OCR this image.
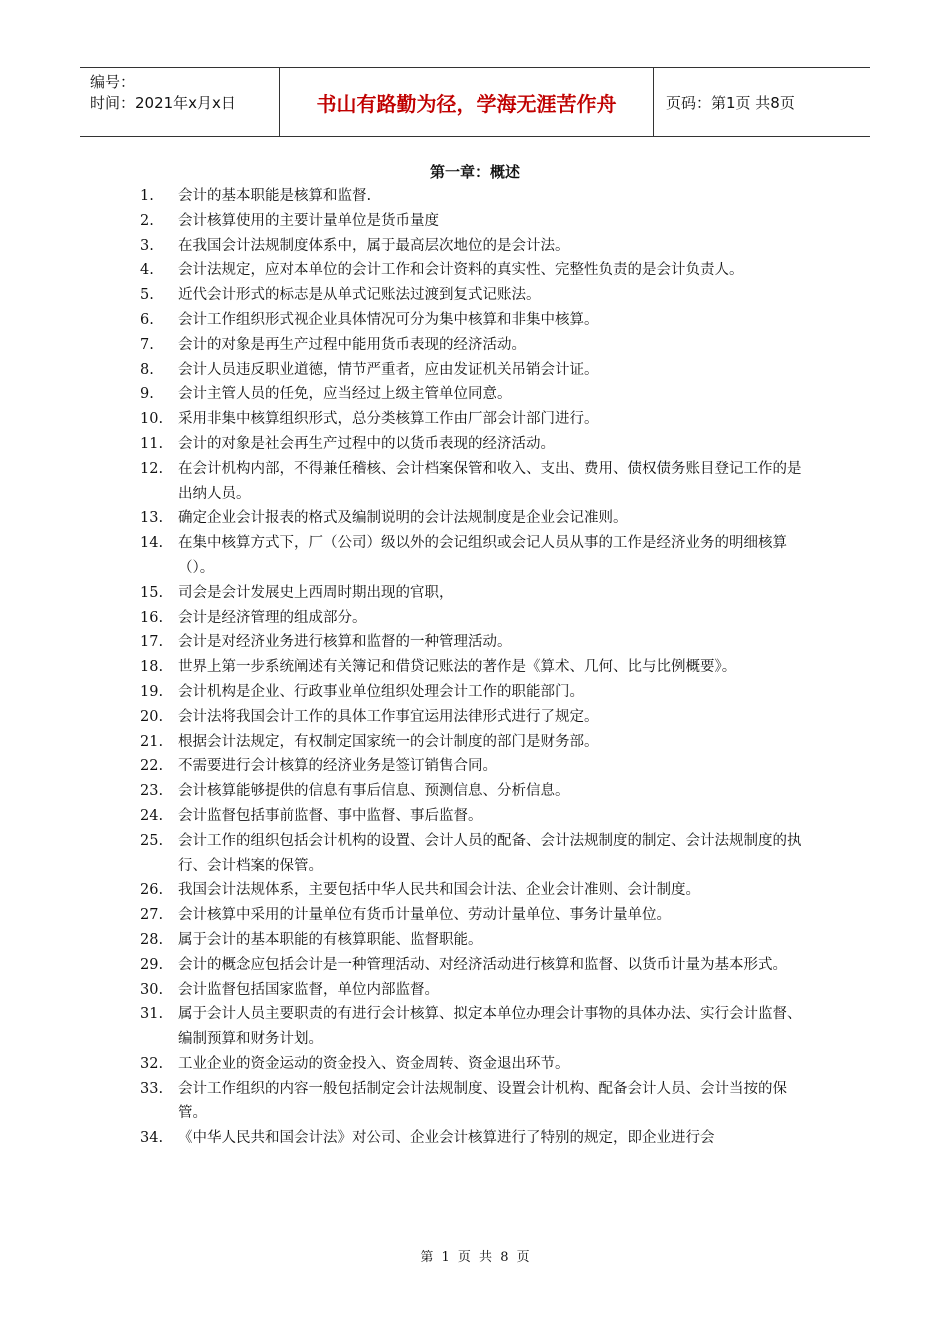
编号：
时间：2021年x月x日	书山有路勤为径，学海无涯苦作舟	页码：第1页 共8页
第一章：概述
1.	会计的基本职能是核算和监督.
2.	会计核算使用的主要计量单位是货币量度
3.	在我国会计法规制度体系中，属于最高层次地位的是会计法。
4.	会计法规定，应对本单位的会计工作和会计资料的真实性、完整性负责的是会计负责人。
5.	近代会计形式的标志是从单式记账法过渡到复式记账法。
6.	会计工作组织形式视企业具体情况可分为集中核算和非集中核算。
7.	会计的对象是再生产过程中能用货币表现的经济活动。
8.	会计人员违反职业道德，情节严重者，应由发证机关吊销会计证。
9.	会计主管人员的任免，应当经过上级主管单位同意。
10.	采用非集中核算组织形式，总分类核算工作由厂部会计部门进行。
11.	会计的对象是社会再生产过程中的以货币表现的经济活动。
12.	在会计机构内部，不得兼任稽核、会计档案保管和收入、支出、费用、债权债务账目登记工作的是出纳人员。
13.	确定企业会计报表的格式及编制说明的会计法规制度是企业会记准则。
14.	在集中核算方式下，厂（公司）级以外的会记组织或会记人员从事的工作是经济业务的明细核算（）。
15.	司会是会计发展史上西周时期出现的官职，
16.	会计是经济管理的组成部分。
17.	会计是对经济业务进行核算和监督的一种管理活动。
18.	世界上第一步系统阐述有关簿记和借贷记账法的著作是《算术、几何、比与比例概要》。
19.	会计机构是企业、行政事业单位组织处理会计工作的职能部门。
20.	会计法将我国会计工作的具体工作事宜运用法律形式进行了规定。
21.	根据会计法规定，有权制定国家统一的会计制度的部门是财务部。
22.	不需要进行会计核算的经济业务是签订销售合同。
23.	会计核算能够提供的信息有事后信息、预测信息、分析信息。
24.	会计监督包括事前监督、事中监督、事后监督。
25.	会计工作的组织包括会计机构的设置、会计人员的配备、会计法规制度的制定、会计法规制度的执行、会计档案的保管。
26.	我国会计法规体系，主要包括中华人民共和国会计法、企业会计准则、会计制度。
27.	会计核算中采用的计量单位有货币计量单位、劳动计量单位、事务计量单位。
28.	属于会计的基本职能的有核算职能、监督职能。
29.	会计的概念应包括会计是一种管理活动、对经济活动进行核算和监督、以货币计量为基本形式。
30.	会计监督包括国家监督，单位内部监督。
31.	属于会计人员主要职责的有进行会计核算、拟定本单位办理会计事物的具体办法、实行会计监督、编制预算和财务计划。
32.	工业企业的资金运动的资金投入、资金周转、资金退出环节。
33.	会计工作组织的内容一般包括制定会计法规制度、设置会计机构、配备会计人员、会计当按的保管。
34.	《中华人民共和国会计法》对公司、企业会计核算进行了特别的规定，即企业进行会
第 1 页 共 8 页
